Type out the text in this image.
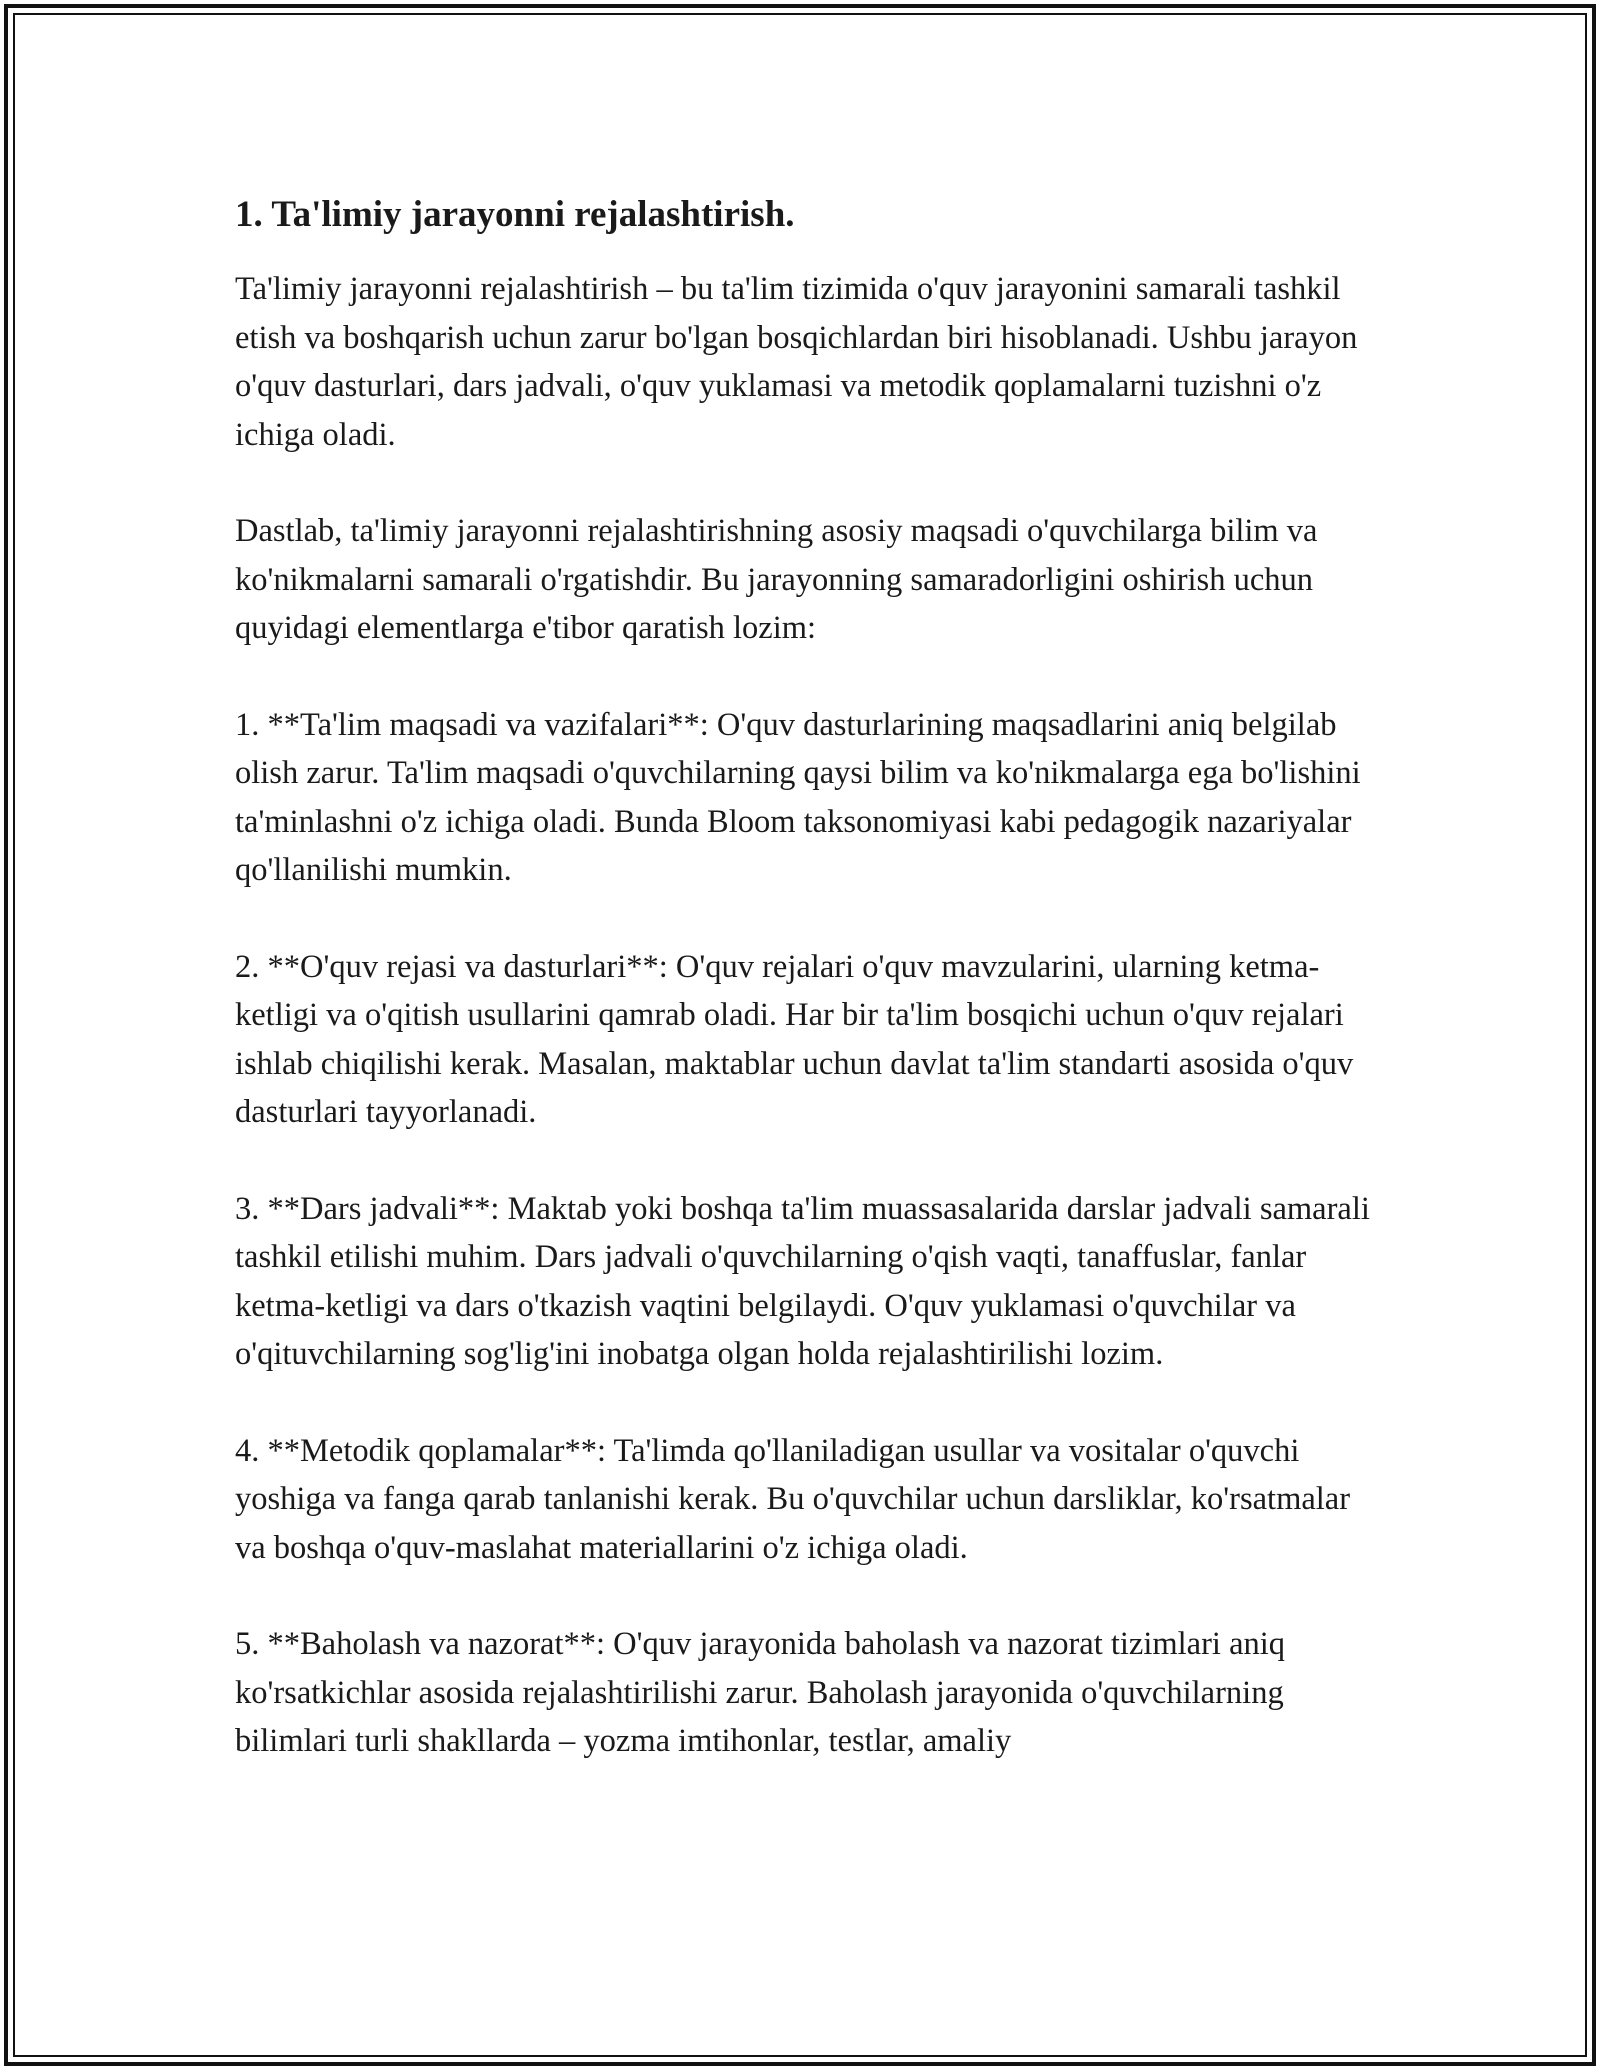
1. Ta'limiy jarayonni rejalashtirish.

Ta'limiy jarayonni rejalashtirish – bu ta'lim tizimida o'quv jarayonini samarali tashkil etish va boshqarish uchun zarur bo'lgan bosqichlardan biri hisoblanadi. Ushbu jarayon o'quv dasturlari, dars jadvali, o'quv yuklamasi va metodik qoplamalarni tuzishni o'z ichiga oladi.

Dastlab, ta'limiy jarayonni rejalashtirishning asosiy maqsadi o'quvchilarga bilim va ko'nikmalarni samarali o'rgatishdir. Bu jarayonning samaradorligini oshirish uchun quyidagi elementlarga e'tibor qaratish lozim:

1. **Ta'lim maqsadi va vazifalari**: O'quv dasturlarining maqsadlarini aniq belgilab olish zarur. Ta'lim maqsadi o'quvchilarning qaysi bilim va ko'nikmalarga ega bo'lishini ta'minlashni o'z ichiga oladi. Bunda Bloom taksonomiyasi kabi pedagogik nazariyalar qo'llanilishi mumkin.

2. **O'quv rejasi va dasturlari**: O'quv rejalari o'quv mavzularini, ularning ketma-ketligi va o'qitish usullarini qamrab oladi. Har bir ta'lim bosqichi uchun o'quv rejalari ishlab chiqilishi kerak. Masalan, maktablar uchun davlat ta'lim standarti asosida o'quv dasturlari tayyorlanadi.

3. **Dars jadvali**: Maktab yoki boshqa ta'lim muassasalarida darslar jadvali samarali tashkil etilishi muhim. Dars jadvali o'quvchilarning o'qish vaqti, tanaffuslar, fanlar ketma-ketligi va dars o'tkazish vaqtini belgilaydi. O'quv yuklamasi o'quvchilar va o'qituvchilarning sog'lig'ini inobatga olgan holda rejalashtirilishi lozim.

4. **Metodik qoplamalar**: Ta'limda qo'llaniladigan usullar va vositalar o'quvchi yoshiga va fanga qarab tanlanishi kerak. Bu o'quvchilar uchun darsliklar, ko'rsatmalar va boshqa o'quv-maslahat materiallarini o'z ichiga oladi.

5. **Baholash va nazorat**: O'quv jarayonida baholash va nazorat tizimlari aniq ko'rsatkichlar asosida rejalashtirilishi zarur. Baholash jarayonida o'quvchilarning bilimlari turli shakllarda – yozma imtihonlar, testlar, amaliy
